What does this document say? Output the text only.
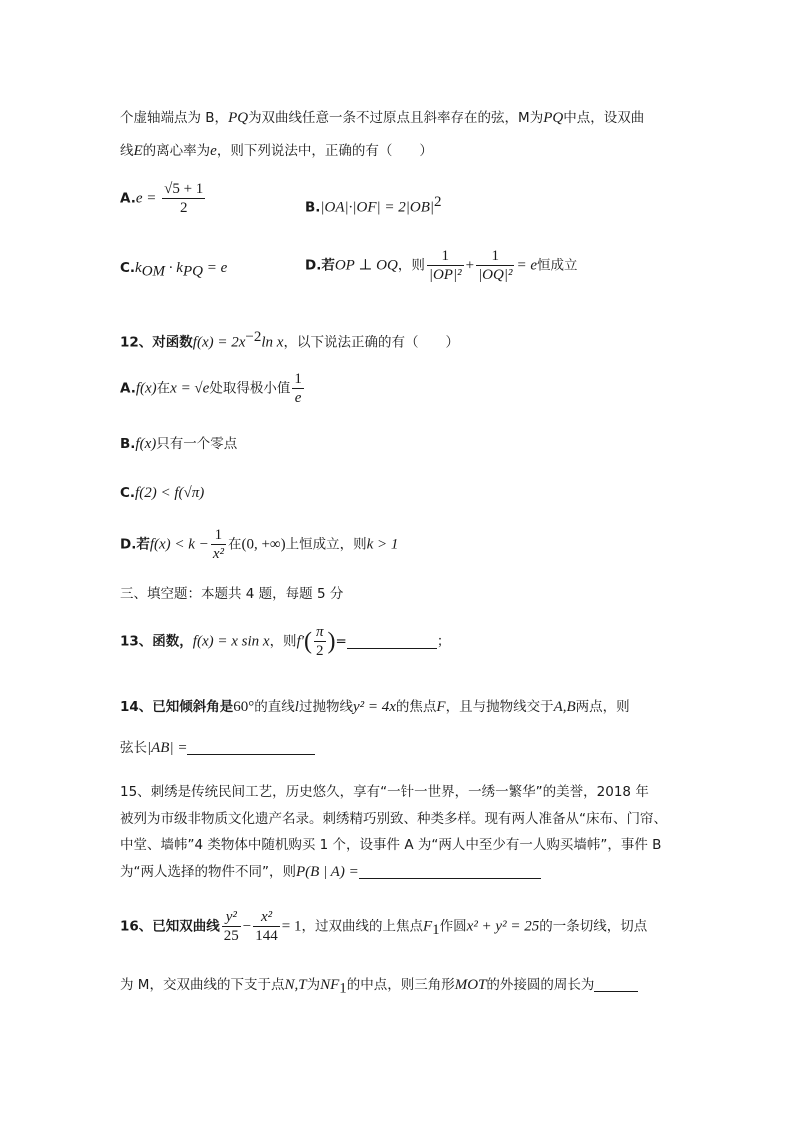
个虚轴端点为 B，PQ为双曲线任意一条不过原点且斜率存在的弦，M为PQ中点，设双曲
线E的离心率为e，则下列说法中，正确的有（　　）
$A.e = \frac{√5 + 1}{2}$	$B.|OA|\cdot|OF| = 2|OB|^2$
$C.k_{OM} \cdot k_{PQ} = e$	D.若OP ⊥ OQ，则 $\frac{1}{\text{|OP|²}} + \frac{1}{\text{|OQ|²}} = e$恒成立
12、对函数$f(x) = 2x^{-2}\ln$ x，以下说法正确的有（　　）
A.f(x)在x = √e处取得极小值 $\frac{1}{e}$
B.f(x)只有一个零点
C.f(2) < f(√π)
D.若$f(x) < k - \frac{1}{\text{x²}}$ 在(0, +∞)上恒成立，则k > 1
三、填空题：本题共 4 题，每题 5 分
13、函数，f(x) = x sin x，则$f'( \frac{\pi}{2}$ )=	；
14、已知倾斜角是60°的直线l过抛物线y² = 4x的焦点F，且与抛物线交于A,B两点，则
弦长|AB| =
15、刺绣是传统民间工艺，历史悠久，享有“一针一世界，一绣一繁华”的美誉，2018 年
被列为市级非物质文化遗产名录。刺绣精巧别致、种类多样。现有两人准备从“床布、门帘、
中堂、墙帏”4 类物体中随机购买 1 个，设事件 A 为“两人中至少有一人购买墙帏”，事件 B
为“两人选择的物件不同”，则P(B | A) =
16、已知双曲线 $\frac{\text{y²}}{25} - \frac{\text{x²}}{144} = 1$，过双曲线的上焦点$F_1$作圆x² + y² = 25的一条切线，切点
为 M，交双曲线的下支于点N,T为$NF_1$的中点，则三角形MOT的外接圆的周长为
